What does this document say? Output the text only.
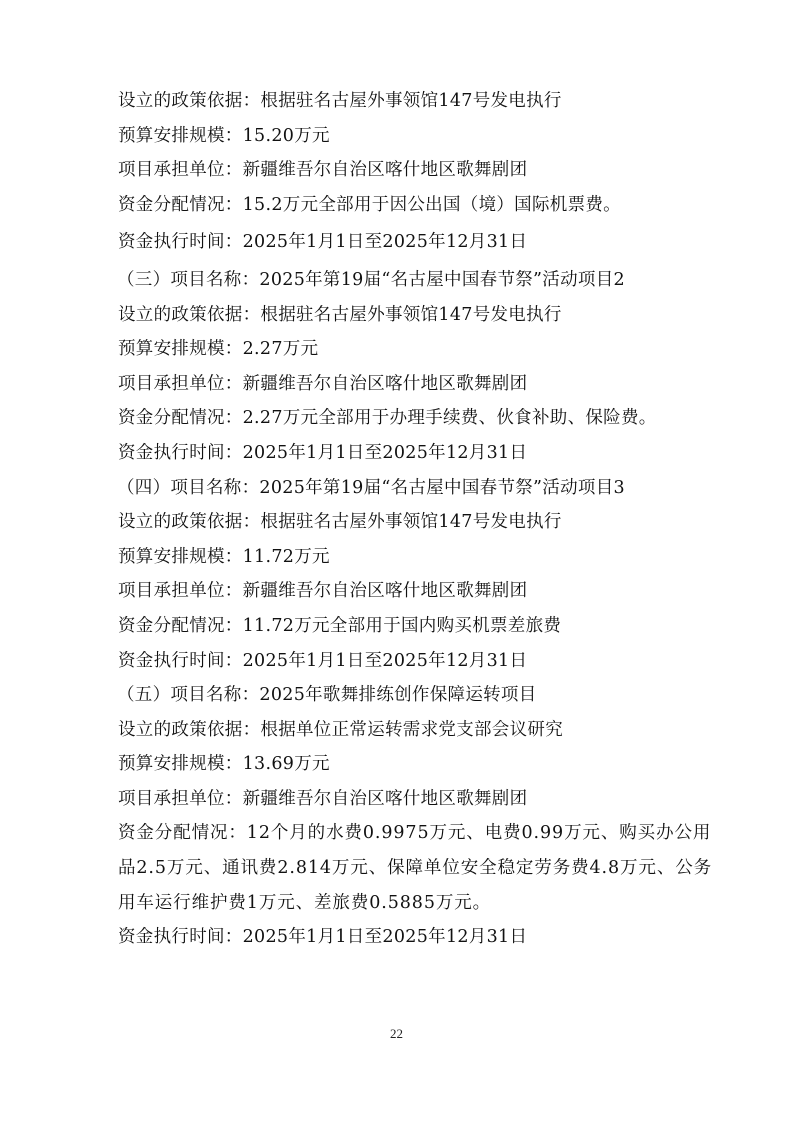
设立的政策依据：根据驻名古屋外事领馆147号发电执行
预算安排规模：15.20万元
项目承担单位：新疆维吾尔自治区喀什地区歌舞剧团
资金分配情况：15.2万元全部用于因公出国（境）国际机票费。
资金执行时间：2025年1月1日至2025年12月31日
（三）项目名称：2025年第19届“名古屋中国春节祭”活动项目2
设立的政策依据：根据驻名古屋外事领馆147号发电执行
预算安排规模：2.27万元
项目承担单位：新疆维吾尔自治区喀什地区歌舞剧团
资金分配情况：2.27万元全部用于办理手续费、伙食补助、保险费。
资金执行时间：2025年1月1日至2025年12月31日
（四）项目名称：2025年第19届“名古屋中国春节祭”活动项目3
设立的政策依据：根据驻名古屋外事领馆147号发电执行
预算安排规模：11.72万元
项目承担单位：新疆维吾尔自治区喀什地区歌舞剧团
资金分配情况：11.72万元全部用于国内购买机票差旅费
资金执行时间：2025年1月1日至2025年12月31日
（五）项目名称：2025年歌舞排练创作保障运转项目
设立的政策依据：根据单位正常运转需求党支部会议研究
预算安排规模：13.69万元
项目承担单位：新疆维吾尔自治区喀什地区歌舞剧团
资金分配情况：12个月的水费0.9975万元、电费0.99万元、购买办公用品2.5万元、通讯费2.814万元、保障单位安全稳定劳务费4.8万元、公务用车运行维护费1万元、差旅费0.5885万元。
资金执行时间：2025年1月1日至2025年12月31日
22
